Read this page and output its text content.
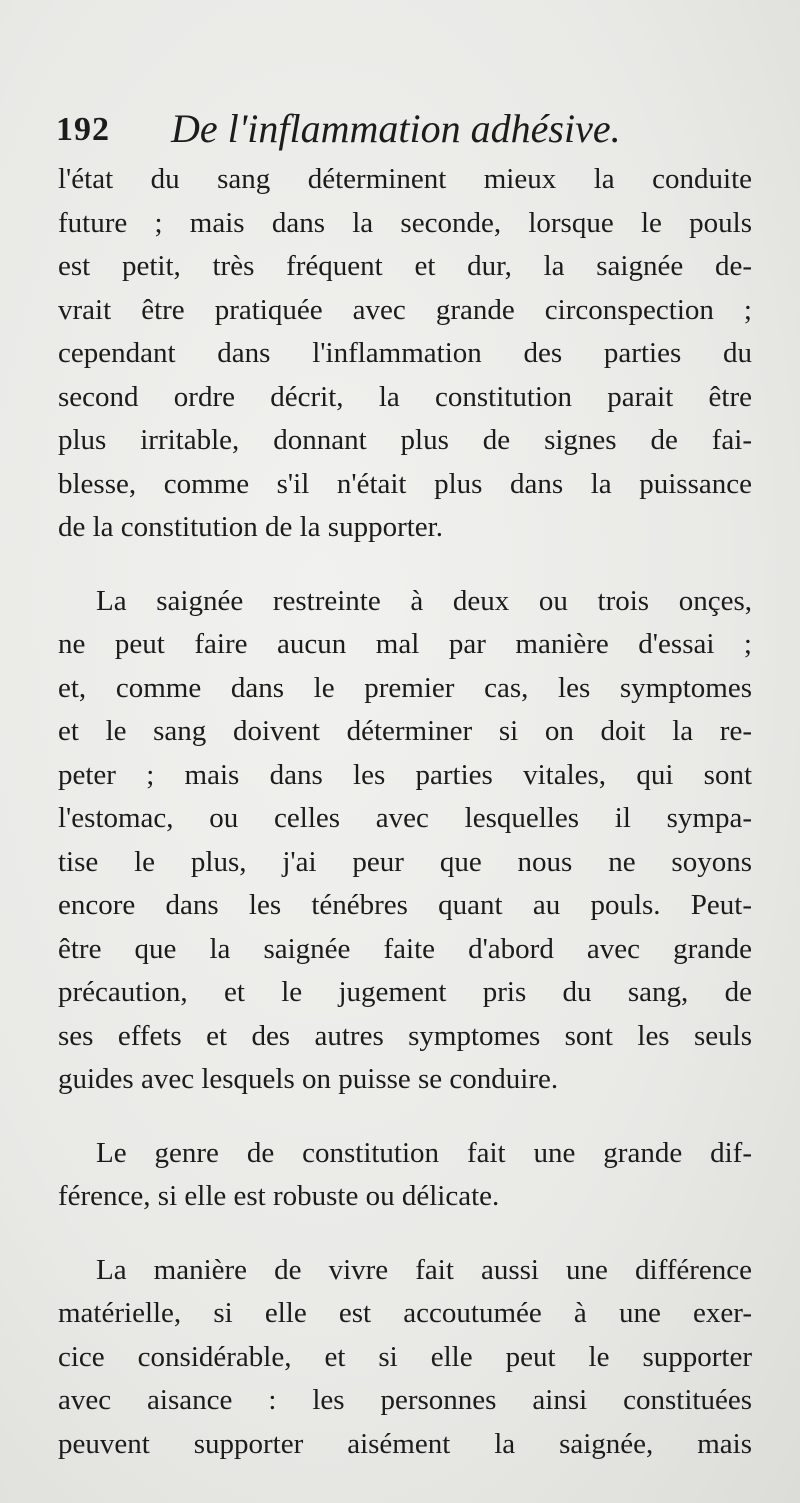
192 De l'inflammation adhésive.
l'état du sang déterminent mieux la conduite
future ; mais dans la seconde, lorsque le pouls
est petit, très fréquent et dur, la saignée de-
vrait être pratiquée avec grande circonspection ;
cependant dans l'inflammation des parties du
second ordre décrit, la constitution parait être
plus irritable, donnant plus de signes de fai-
blesse, comme s'il n'était plus dans la puissance
de la constitution de la supporter.
La saignée restreinte à deux ou trois onçes,
ne peut faire aucun mal par manière d'essai ;
et, comme dans le premier cas, les symptomes
et le sang doivent déterminer si on doit la re-
peter ; mais dans les parties vitales, qui sont
l'estomac, ou celles avec lesquelles il sympa-
tise le plus, j'ai peur que nous ne soyons
encore dans les ténébres quant au pouls. Peut-
être que la saignée faite d'abord avec grande
précaution, et le jugement pris du sang, de
ses effets et des autres symptomes sont les seuls
guides avec lesquels on puisse se conduire.
Le genre de constitution fait une grande dif-
férence, si elle est robuste ou délicate.
La manière de vivre fait aussi une différence
matérielle, si elle est accoutumée à une exer-
cice considérable, et si elle peut le supporter
avec aisance : les personnes ainsi constituées
peuvent supporter aisément la saignée, mais
